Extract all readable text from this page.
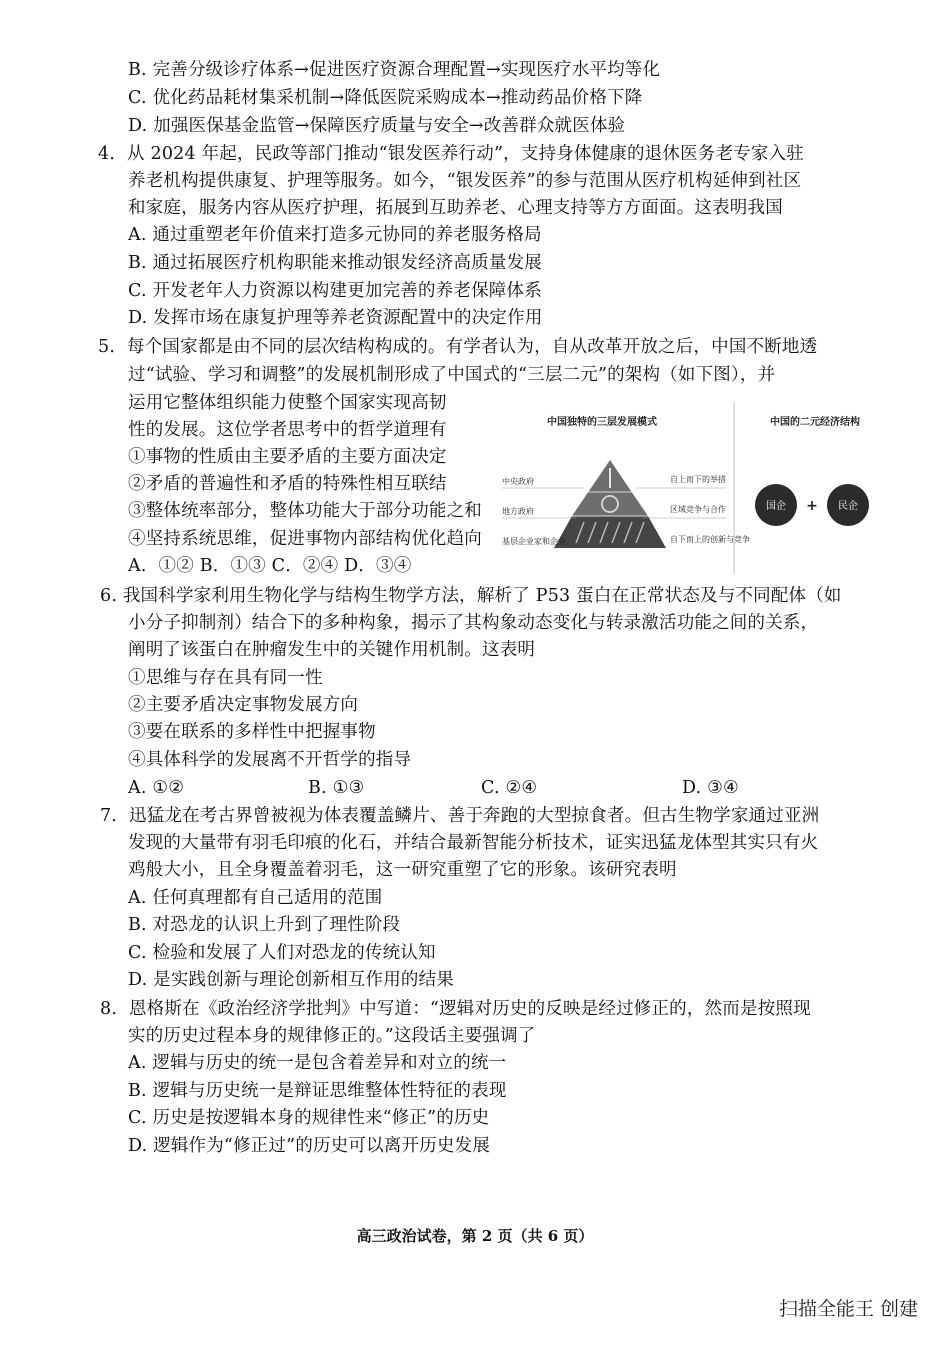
B. 完善分级诊疗体系→促进医疗资源合理配置→实现医疗水平均等化
C. 优化药品耗材集采机制→降低医院采购成本→推动药品价格下降
D. 加强医保基金监管→保障医疗质量与安全→改善群众就医体验
4．从 2024 年起，民政等部门推动“银发医养行动”，支持身体健康的退休医务老专家入驻
养老机构提供康复、护理等服务。如今，“银发医养”的参与范围从医疗机构延伸到社区
和家庭，服务内容从医疗护理，拓展到互助养老、心理支持等方方面面。这表明我国
A. 通过重塑老年价值来打造多元协同的养老服务格局
B. 通过拓展医疗机构职能来推动银发经济高质量发展
C. 开发老年人力资源以构建更加完善的养老保障体系
D. 发挥市场在康复护理等养老资源配置中的决定作用
5．每个国家都是由不同的层次结构构成的。有学者认为，自从改革开放之后，中国不断地透
过“试验、学习和调整”的发展机制形成了中国式的“三层二元”的架构（如下图），并
运用它整体组织能力使整个国家实现高韧
性的发展。这位学者思考中的哲学道理有
①事物的性质由主要矛盾的主要方面决定
②矛盾的普遍性和矛盾的特殊性相互联结
③整体统率部分，整体功能大于部分功能之和
④坚持系统思维，促进事物内部结构优化趋向
A．①② B．①③ C．②④ D．③④
中国独特的三层发展模式	中国的二元经济结构
中央政府
地方政府
基层企业家和企业
自上而下的举措
区域竞争与合作
自下而上的创新与竞争
国企 + 民企
6. 我国科学家利用生物化学与结构生物学方法，解析了 P53 蛋白在正常状态及与不同配体（如
小分子抑制剂）结合下的多种构象，揭示了其构象动态变化与转录激活功能之间的关系，
阐明了该蛋白在肿瘤发生中的关键作用机制。这表明
①思维与存在具有同一性
②主要矛盾决定事物发展方向
③要在联系的多样性中把握事物
④具体科学的发展离不开哲学的指导
A. ①②	B. ①③	C. ②④	D. ③④
7．迅猛龙在考古界曾被视为体表覆盖鳞片、善于奔跑的大型掠食者。但古生物学家通过亚洲
发现的大量带有羽毛印痕的化石，并结合最新智能分析技术，证实迅猛龙体型其实只有火
鸡般大小，且全身覆盖着羽毛，这一研究重塑了它的形象。该研究表明
A. 任何真理都有自己适用的范围
B. 对恐龙的认识上升到了理性阶段
C. 检验和发展了人们对恐龙的传统认知
D. 是实践创新与理论创新相互作用的结果
8．恩格斯在《政治经济学批判》中写道：“逻辑对历史的反映是经过修正的，然而是按照现
实的历史过程本身的规律修正的。”这段话主要强调了
A. 逻辑与历史的统一是包含着差异和对立的统一
B. 逻辑与历史统一是辩证思维整体性特征的表现
C. 历史是按逻辑本身的规律性来“修正”的历史
D. 逻辑作为“修正过”的历史可以离开历史发展
高三政治试卷，第 2 页（共 6 页）
扫描全能王 创建
